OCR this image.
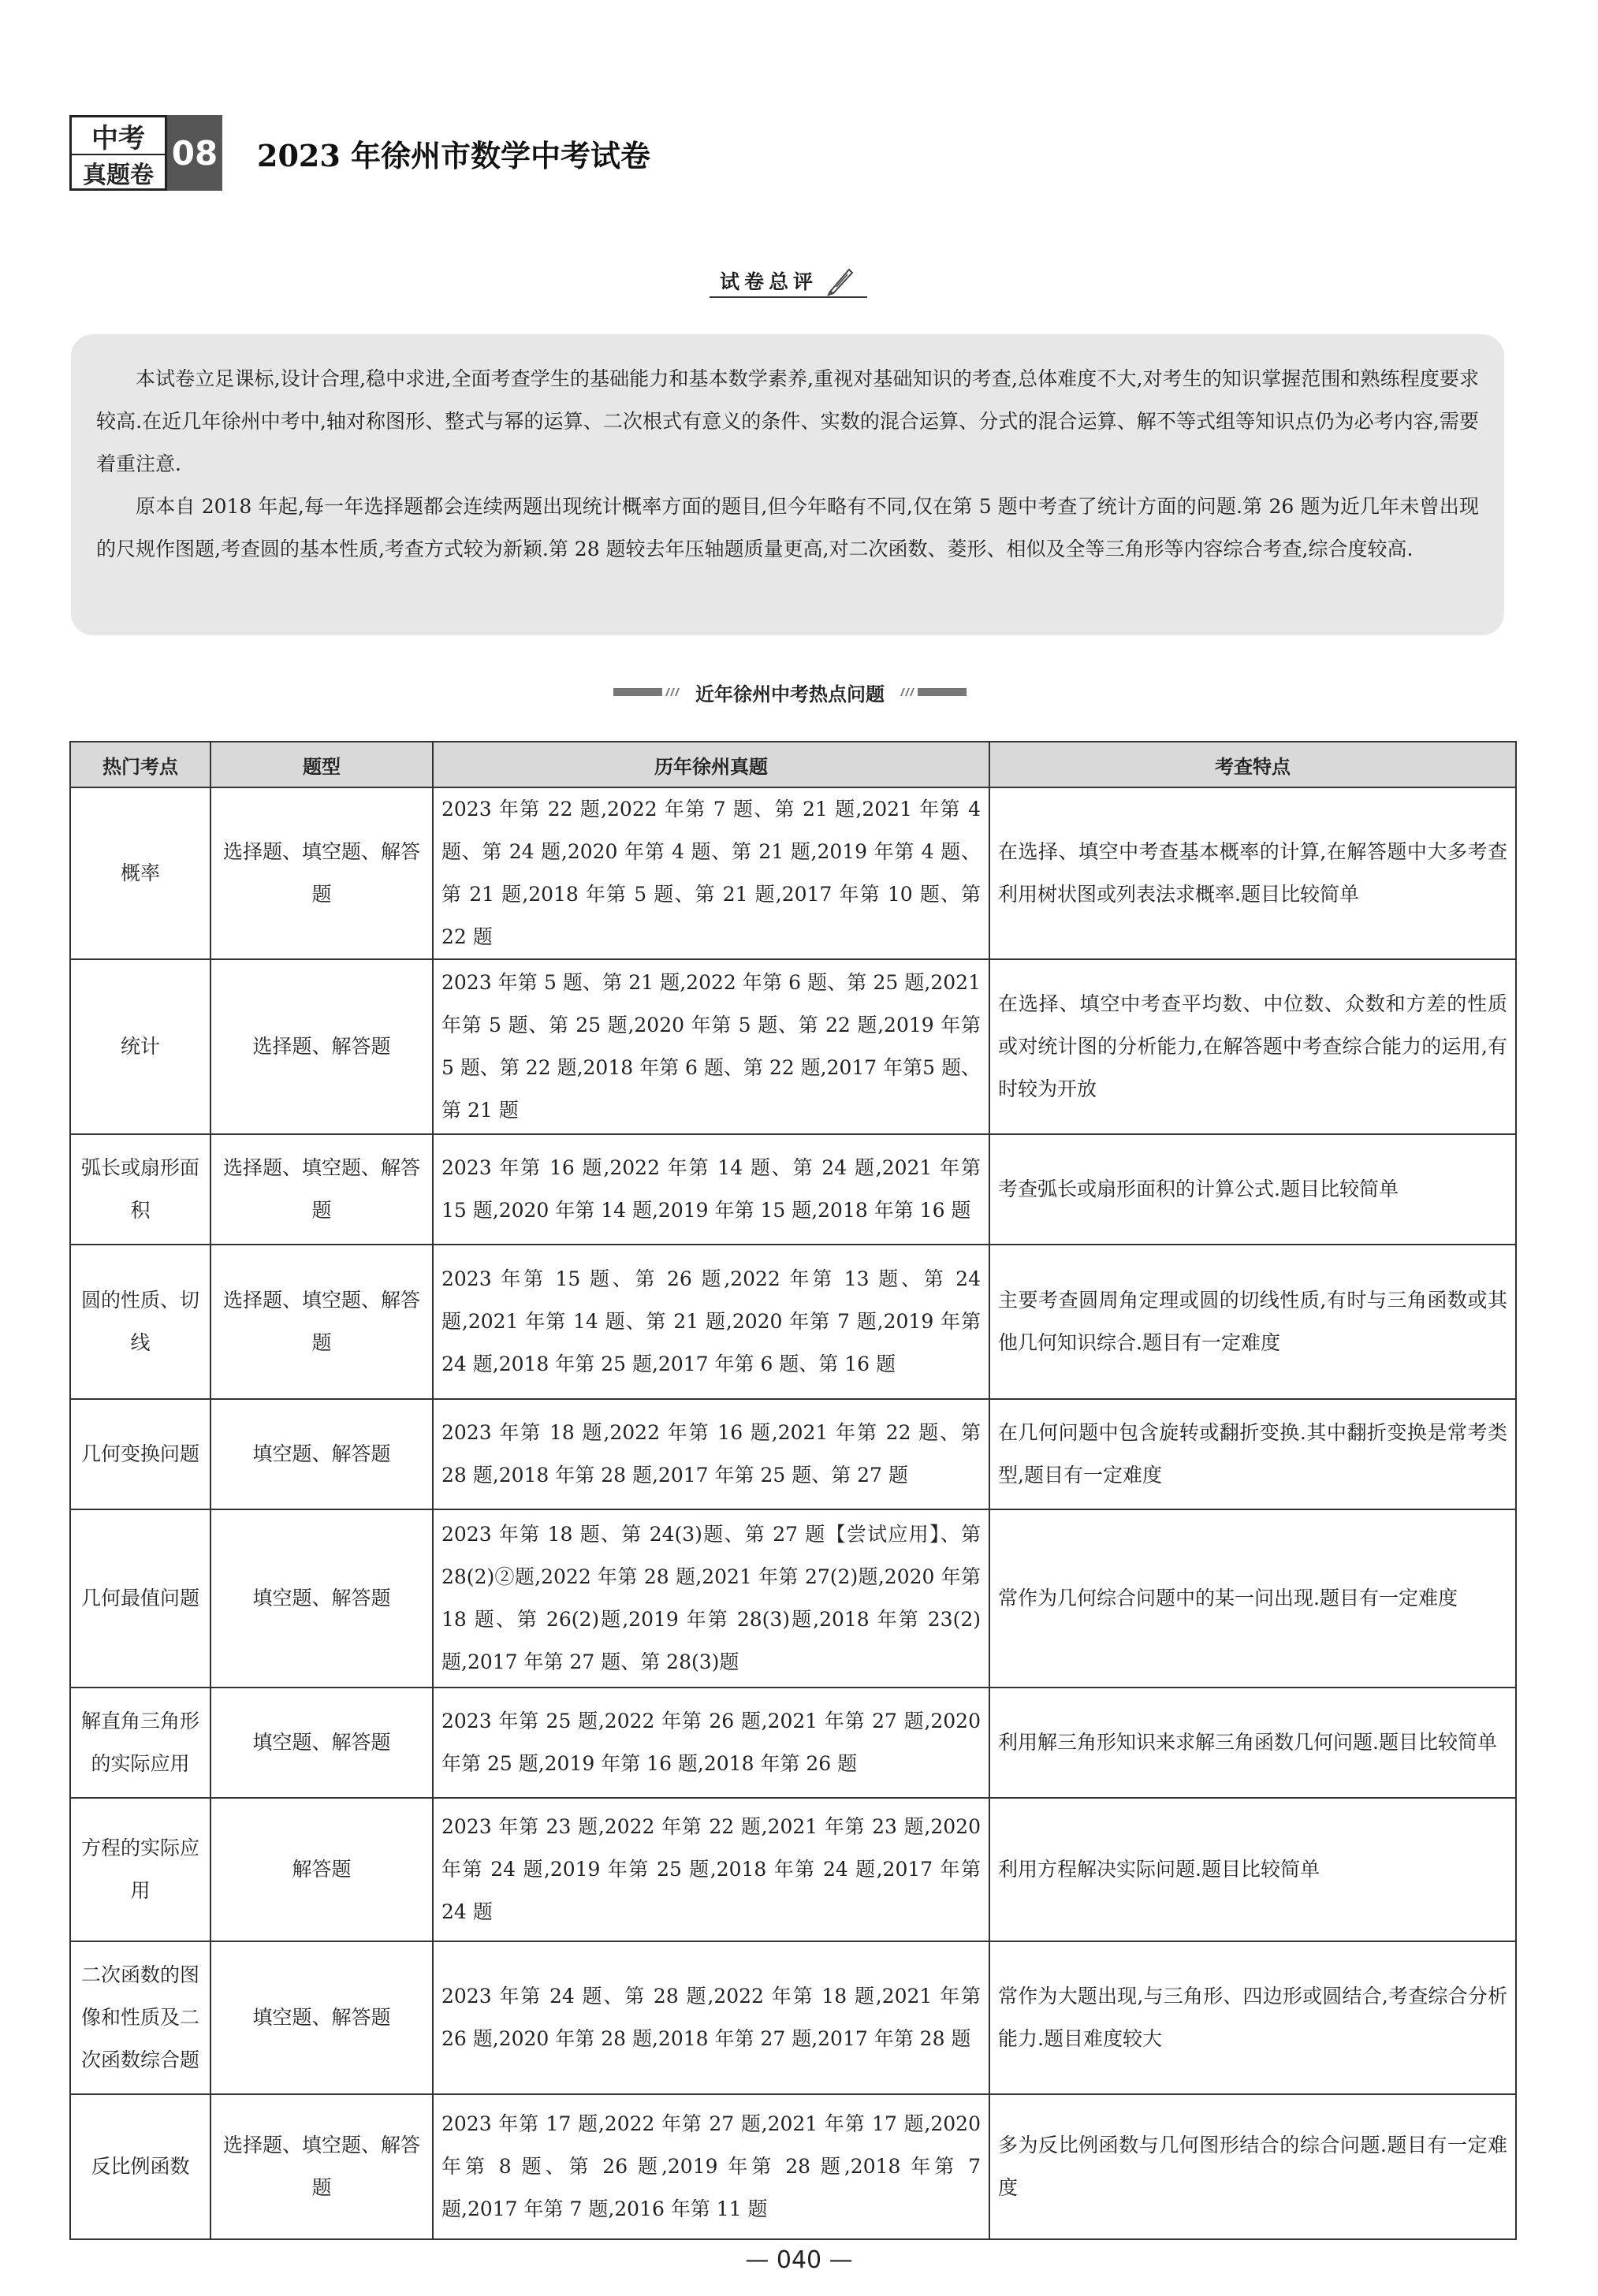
中考
真题卷
08 2023 年徐州市数学中考试卷
试卷总评

本试卷立足课标,设计合理,稳中求进,全面考查学生的基础能力和基本数学素养,重视对基础知识的考查,总体难度不大,对考生的知识掌握范围和熟练程度要求较高.在近几年徐州中考中,轴对称图形、整式与幂的运算、二次根式有意义的条件、实数的混合运算、分式的混合运算、解不等式组等知识点仍为必考内容,需要着重注意.

原本自 2018 年起,每一年选择题都会连续两题出现统计概率方面的题目,但今年略有不同,仅在第 5 题中考查了统计方面的问题.第 26 题为近几年未曾出现的尺规作图题,考查圆的基本性质,考查方式较为新颖.第 28 题较去年压轴题质量更高,对二次函数、菱形、相似及全等三角形等内容综合考查,综合度较高.

近年徐州中考热点问题
热门考点	题型	历年徐州真题	考查特点
概率	选择题、填空题、解答题	2023 年第 22 题,2022 年第 7 题、第 21 题,2021 年第 4 题、第 24 题,2020 年第 4 题、第 21 题,2019 年第 4 题、第 21 题,2018 年第 5 题、第 21 题,2017 年第 10 题、第 22 题	在选择、填空中考查基本概率的计算,在解答题中大多考查利用树状图或列表法求概率.题目比较简单
统计	选择题、解答题	2023 年第 5 题、第 21 题,2022 年第 6 题、第 25 题,2021 年第 5 题、第 25 题,2020 年第 5 题、第 22 题,2019 年第 5 题、第 22 题,2018 年第 6 题、第 22 题,2017 年第5 题、第 21 题	在选择、填空中考查平均数、中位数、众数和方差的性质或对统计图的分析能力,在解答题中考查综合能力的运用,有时较为开放
弧长或扇形面积	选择题、填空题、解答题	2023 年第 16 题,2022 年第 14 题、第 24 题,2021 年第 15 题,2020 年第 14 题,2019 年第 15 题,2018 年第 16 题	考查弧长或扇形面积的计算公式.题目比较简单
圆的性质、切线	选择题、填空题、解答题	2023 年第 15 题、第 26 题,2022 年第 13 题、第 24 题,2021 年第 14 题、第 21 题,2020 年第 7 题,2019 年第 24 题,2018 年第 25 题,2017 年第 6 题、第 16 题	主要考查圆周角定理或圆的切线性质,有时与三角函数或其他几何知识综合.题目有一定难度
几何变换问题	填空题、解答题	2023 年第 18 题,2022 年第 16 题,2021 年第 22 题、第 28 题,2018 年第 28 题,2017 年第 25 题、第 27 题	在几何问题中包含旋转或翻折变换.其中翻折变换是常考类型,题目有一定难度
几何最值问题	填空题、解答题	2023 年第 18 题、第 24(3)题、第 27 题【尝试应用】、第 28(2)②题,2022 年第 28 题,2021 年第 27(2)题,2020 年第 18 题、第 26(2)题,2019 年第 28(3)题,2018 年第 23(2)题,2017 年第 27 题、第 28(3)题	常作为几何综合问题中的某一问出现.题目有一定难度
解直角三角形的实际应用	填空题、解答题	2023 年第 25 题,2022 年第 26 题,2021 年第 27 题,2020 年第 25 题,2019 年第 16 题,2018 年第 26 题	利用解三角形知识来求解三角函数几何问题.题目比较简单
方程的实际应用	解答题	2023 年第 23 题,2022 年第 22 题,2021 年第 23 题,2020 年第 24 题,2019 年第 25 题,2018 年第 24 题,2017 年第 24 题	利用方程解决实际问题.题目比较简单
二次函数的图像和性质及二次函数综合题	填空题、解答题	2023 年第 24 题、第 28 题,2022 年第 18 题,2021 年第 26 题,2020 年第 28 题,2018 年第 27 题,2017 年第 28 题	常作为大题出现,与三角形、四边形或圆结合,考查综合分析能力.题目难度较大
反比例函数	选择题、填空题、解答题	2023 年第 17 题,2022 年第 27 题,2021 年第 17 题,2020 年第 8 题、第 26 题,2019 年第 28 题,2018 年第 7 题,2017 年第 7 题,2016 年第 11 题	多为反比例函数与几何图形结合的综合问题.题目有一定难度
— 040 —
